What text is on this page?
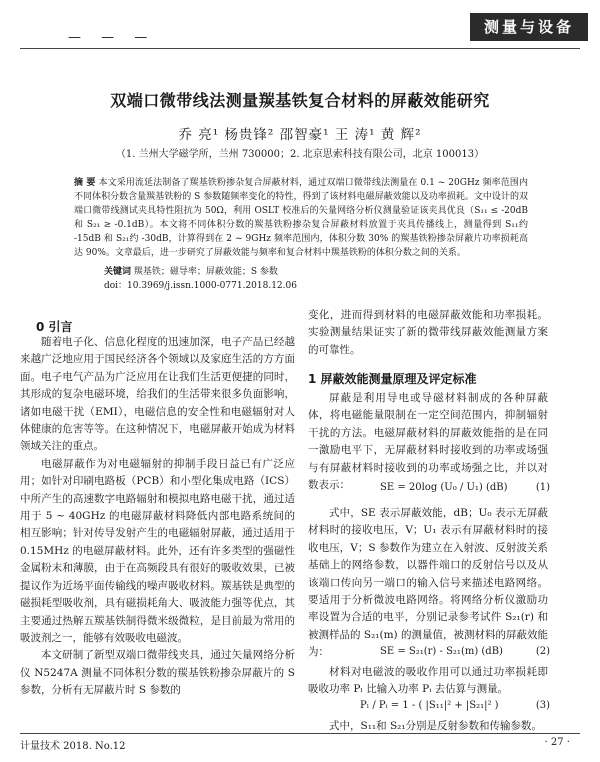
测量与设备
— — —
双端口微带线法测量羰基铁复合材料的屏蔽效能研究
乔 亮¹ 杨贵锋² 邵智豪¹ 王 涛¹ 黄 辉²
（1. 兰州大学磁学所，兰州 730000；2. 北京思索科技有限公司，北京 100013）
摘 要 本文采用流延法制备了羰基铁粉掺杂复合屏蔽材料，通过双端口微带线法测量在 0.1 ~ 20GHz 频率范围内不同体积分数含量羰基铁粉的 S 参数随频率变化的特性，得到了该材料电磁屏蔽效能以及功率损耗。文中设计的双端口微带线测试夹具特性阻抗为 50Ω，利用 OSLT 校准后的矢量网络分析仪测量验证该夹具优良（S₁₁ ≤ -20dB 和 S₂₁ ≥ -0.1dB）。本文将不同体积分数的羰基铁粉掺杂复合屏蔽材料放置于夹具传播线上，测量得到 S₁₁约 -15dB 和 S₂₁约 -30dB，计算得到在 2 ~ 9GHz 频率范围内，体积分数 30% 的羰基铁粉掺杂屏蔽片功率损耗高达 90%。文章最后，进一步研究了屏蔽效能与频率和复合材料中羰基铁粉的体积分数之间的关系。
关键词 羰基铁；磁导率；屏蔽效能；S 参数
doi：10.3969/j.issn.1000-0771.2018.12.06
0 引言

随着电子化、信息化程度的迅速加深，电子产品已经越来越广泛地应用于国民经济各个领域以及家庭生活的方方面面。电子电气产品为广泛应用在让我们生活更便捷的同时，其形成的复杂电磁环境，给我们的生活带来很多负面影响，诸如电磁干扰（EMI），电磁信息的安全性和电磁辐射对人体健康的危害等等。在这种情况下，电磁屏蔽开始成为材料领域关注的重点。

电磁屏蔽作为对电磁辐射的抑制手段日益已有广泛应用；如针对印刷电路板（PCB）和小型化集成电路（ICS）中所产生的高速数字电路辐射和模拟电路电磁干扰，通过适用于 5 ~ 40GHz 的电磁屏蔽材料降低内部电路系统间的相互影响；针对传导发射产生的电磁辐射屏蔽，通过适用于 0.15MHz 的电磁屏蔽材料。此外，还有许多类型的强磁性金属粉末和薄膜，由于在高频段具有很好的吸收效果，已被提议作为近场平面传输线的噪声吸收材料。羰基铁是典型的磁损耗型吸收剂，具有磁损耗角大、吸波能力强等优点，其主要通过热解五羰基铁制得微米级微粒，是目前最为常用的吸波剂之一，能够有效吸收电磁波。

本文研制了新型双端口微带线夹具，通过矢量网络分析仪 N5247A 测量不同体积分数的羰基铁粉掺杂屏蔽片的 S 参数，分析有无屏蔽片时 S 参数的

变化，进而得到材料的电磁屏蔽效能和功率损耗。实验测量结果证实了新的微带线屏蔽效能测量方案的可靠性。

1 屏蔽效能测量原理及评定标准

屏蔽是利用导电或导磁材料制成的各种屏蔽体，将电磁能量限制在一定空间范围内，抑制辐射干扰的方法。电磁屏蔽材料的屏蔽效能指的是在同一激励电平下，无屏蔽材料时接收到的功率或场强与有屏蔽材料时接收到的功率或场强之比，并以对数表示：	SE = 20log (U₀ / U₁) (dB)	(1)

式中，SE 表示屏蔽效能，dB；U₀ 表示无屏蔽材料时的接收电压，V；U₁ 表示有屏蔽材料时的接收电压，V；S 参数作为建立在入射波、反射波关系基础上的网络参数，以器件端口的反射信号以及从该端口传向另一端口的输入信号来描述电路网络。要适用于分析微波电路网络。将网络分析仪激励功率设置为合适的电平，分别记录参考试件 S₂₁(r) 和被测样品的 S₂₁(m) 的测量值，被测材料的屏蔽效能为：	SE = S₂₁(r) - S₂₁(m) (dB)	(2)

材料对电磁波的吸收作用可以通过功率损耗即吸收功率 Pₗ 比输入功率 Pᵢ 去估算与测量。

Pₗ / Pᵢ = 1 - ( |S₁₁|² + |S₂₁|² )	(3)

式中，S₁₁和 S₂₁分别是反射参数和传输参数。

计量技术 2018. No.12	· 27 ·
